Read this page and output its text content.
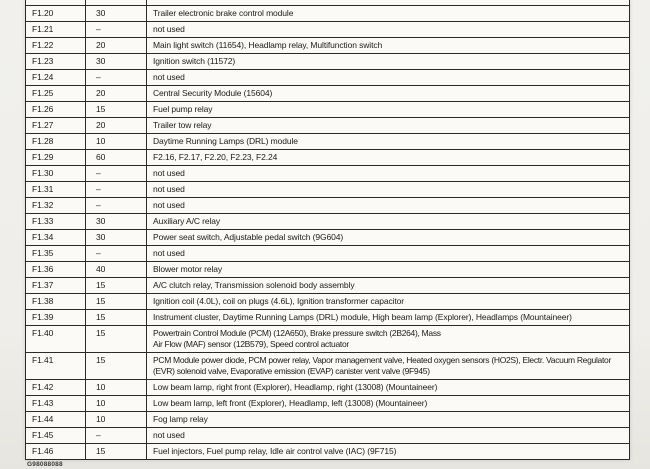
F1.20	30	Trailer electronic brake control module
F1.21	–	not used
F1.22	20	Main light switch (11654), Headlamp relay, Multifunction switch
F1.23	30	Ignition switch (11572)
F1.24	–	not used
F1.25	20	Central Security Module (15604)
F1.26	15	Fuel pump relay
F1.27	20	Trailer tow relay
F1.28	10	Daytime Running Lamps (DRL) module
F1.29	60	F2.16, F2.17, F2.20, F2.23, F2.24
F1.30	–	not used
F1.31	–	not used
F1.32	–	not used
F1.33	30	Auxiliary A/C relay
F1.34	30	Power seat switch, Adjustable pedal switch (9G604)
F1.35	–	not used
F1.36	40	Blower motor relay
F1.37	15	A/C clutch relay, Transmission solenoid body assembly
F1.38	15	Ignition coil (4.0L), coil on plugs (4.6L), Ignition transformer capacitor
F1.39	15	Instrument cluster, Daytime Running Lamps (DRL) module, High beam lamp (Explorer), Headlamps (Mountaineer)
F1.40	15	Powertrain Control Module (PCM) (12A650), Brake pressure switch (2B264), Mass
Air Flow (MAF) sensor (12B579), Speed control actuator
F1.41	15	PCM Module power diode, PCM power relay, Vapor management valve, Heated oxygen sensors (HO2S), Electr. Vacuum Regulator
(EVR) solenoid valve, Evaporative emission (EVAP) canister vent valve (9F945)
F1.42	10	Low beam lamp, right front (Explorer), Headlamp, right (13008) (Mountaineer)
F1.43	10	Low beam lamp, left front (Explorer), Headlamp, left (13008) (Mountaineer)
F1.44	10	Fog lamp relay
F1.45	–	not used
F1.46	15	Fuel injectors, Fuel pump relay, Idle air control valve (IAC) (9F715)
G98088088
